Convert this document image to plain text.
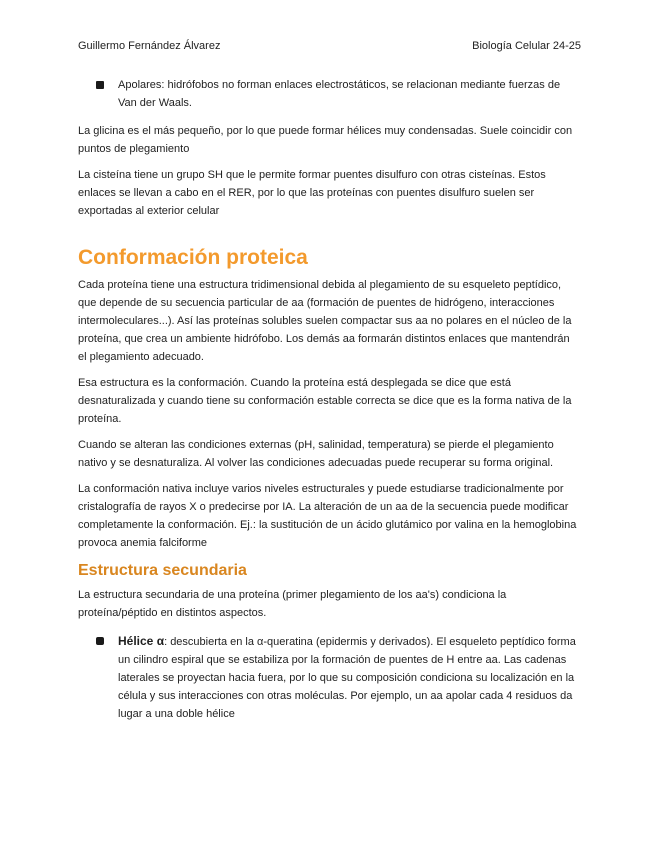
Guillermo Fernández Álvarez	Biología Celular 24-25
Apolares: hidrófobos no forman enlaces electrostáticos, se relacionan mediante fuerzas de Van der Waals.

La glicina es el más pequeño, por lo que puede formar hélices muy condensadas. Suele coincidir con puntos de plegamiento

La cisteína tiene un grupo SH que le permite formar puentes disulfuro con otras cisteínas. Estos enlaces se llevan a cabo en el RER, por lo que las proteínas con puentes disulfuro suelen ser exportadas al exterior celular

Conformación proteica

Cada proteína tiene una estructura tridimensional debida al plegamiento de su esqueleto peptídico, que depende de su secuencia particular de aa (formación de puentes de hidrógeno, interacciones intermoleculares...). Así las proteínas solubles suelen compactar sus aa no polares en el núcleo de la proteína, que crea un ambiente hidrófobo. Los demás aa formarán distintos enlaces que mantendrán el plegamiento adecuado.

Esa estructura es la conformación. Cuando la proteína está desplegada se dice que está desnaturalizada y cuando tiene su conformación estable correcta se dice que es la forma nativa de la proteína.

Cuando se alteran las condiciones externas (pH, salinidad, temperatura) se pierde el plegamiento nativo y se desnaturaliza. Al volver las condiciones adecuadas puede recuperar su forma original.

La conformación nativa incluye varios niveles estructurales y puede estudiarse tradicionalmente por cristalografía de rayos X o predecirse por IA. La alteración de un aa de la secuencia puede modificar completamente la conformación. Ej.: la sustitución de un ácido glutámico por valina en la hemoglobina provoca anemia falciforme

Estructura secundaria

La estructura secundaria de una proteína (primer plegamiento de los aa's) condiciona la proteína/péptido en distintos aspectos.

Hélice α: descubierta en la α-queratina (epidermis y derivados). El esqueleto peptídico forma un cilindro espiral que se estabiliza por la formación de puentes de H entre aa. Las cadenas laterales se proyectan hacia fuera, por lo que su composición condiciona su localización en la célula y sus interacciones con otras moléculas. Por ejemplo, un aa apolar cada 4 residuos da lugar a una doble hélice
